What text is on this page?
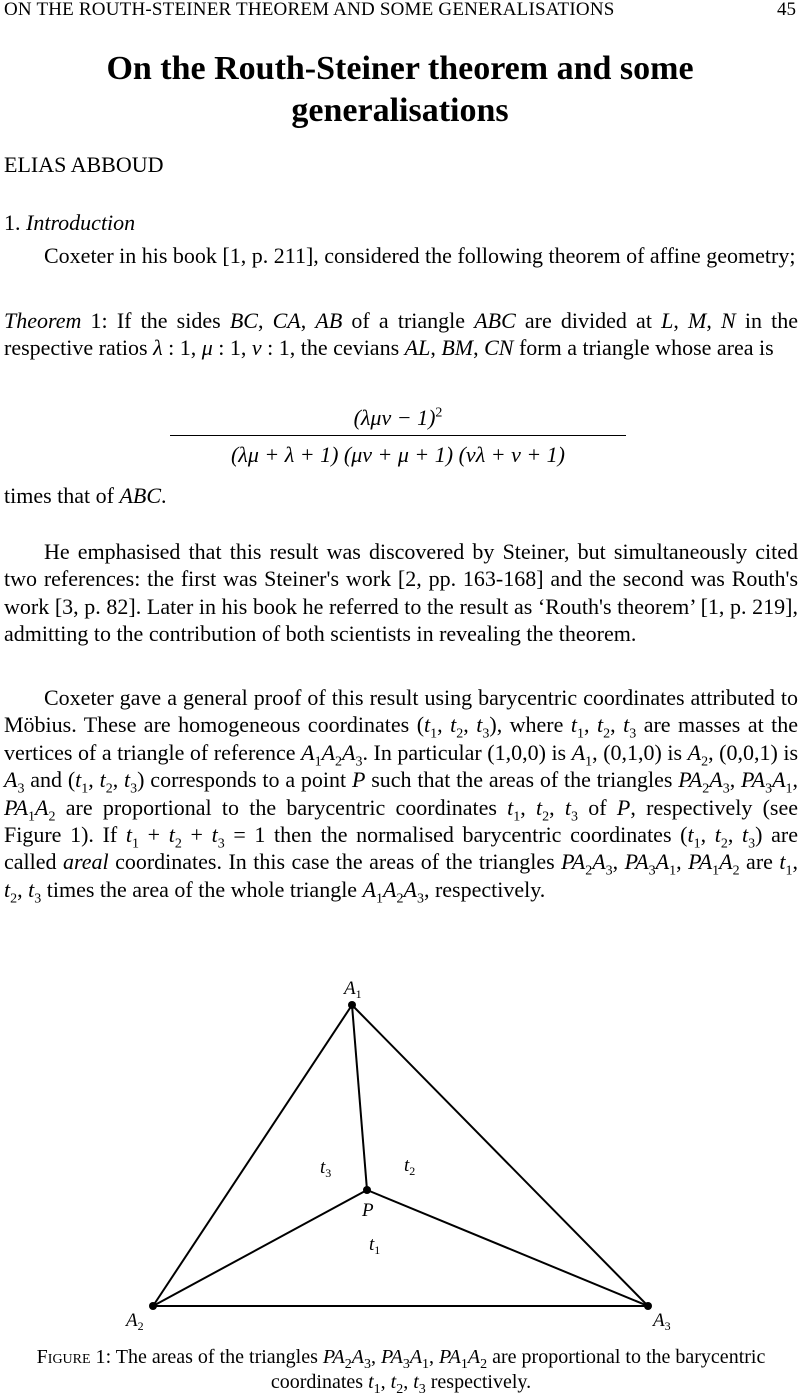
ON THE ROUTH-STEINER THEOREM AND SOME GENERALISATIONS	45
On the Routh-Steiner theorem and some
generalisations
ELIAS ABBOUD
1. Introduction

Coxeter in his book [1, p. 211], considered the following theorem of affine geometry;

Theorem 1: If the sides BC, CA, AB of a triangle ABC are divided at L, M, N in the respective ratios λ : 1, μ : 1, ν : 1, the cevians AL, BM, CN form a triangle whose area is

$(\lambda\mu\nu - 1)^2$
(λμ + λ + 1) (μν + μ + 1) (νλ + ν + 1)

times that of ABC.

He emphasised that this result was discovered by Steiner, but simultaneously cited two references: the first was Steiner's work [2, pp. 163-168] and the second was Routh's work [3, p. 82]. Later in his book he referred to the result as ‘Routh's theorem’ [1, p. 219], admitting to the contribution of both scientists in revealing the theorem.

Coxeter gave a general proof of this result using barycentric coordinates attributed to Möbius. These are homogeneous coordinates ($t_1$, $t_2$, $t_3$), where $t_1$, $t_2$, $t_3$ are masses at the vertices of a triangle of reference $A_1A_2A_3$. In particular (1,0,0) is $A_1$, (0,1,0) is $A_2$, (0,0,1) is $A_3$ and ($t_1$, $t_2$, $t_3$) corresponds to a point P such that the areas of the triangles $PA_2A_3$, $PA_3A_1$, $PA_1A_2$ are proportional to the barycentric coordinates $t_1$, $t_2$, $t_3$ of P, respectively (see Figure 1). If $t_1 + t_2 + t_3 = 1$ then the normalised barycentric coordinates ($t_1$, $t_2$, $t_3$) are called areal coordinates. In this case the areas of the triangles $PA_2A_3$, $PA_3A_1$, $PA_1A_2$ are $t_1$, $t_2$, $t_3$ times the area of the whole triangle $A_1A_2A_3$, respectively.

$A_1$
$A_2$	$A_3$
P
$t_3$	$t_2$
$t_1$
Figure 1: The areas of the triangles $PA_2A_3$, $PA_3A_1$, $PA_1A_2$ are proportional to the barycentric coordinates $t_1$, $t_2$, $t_3$ respectively.
